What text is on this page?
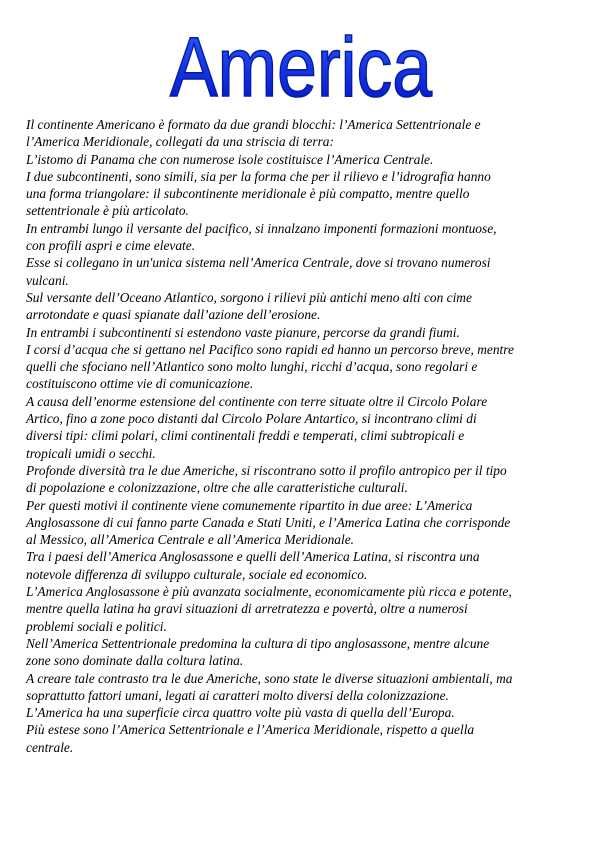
America
Il continente Americano è formato da due grandi blocchi: l’America Settentrionale e
l’America Meridionale, collegati da una striscia di terra:
L’istomo di Panama che con numerose isole costituisce l’America Centrale.
I due subcontinenti, sono simili, sia per la forma che per il rilievo e l’idrografia hanno
una forma triangolare: il subcontinente meridionale è più compatto, mentre quello
settentrionale è più articolato.
In entrambi lungo il versante del pacifico, si innalzano imponenti formazioni montuose,
con profili aspri e cime elevate.
Esse si collegano in un'unica sistema nell’America Centrale, dove si trovano numerosi
vulcani.
Sul versante dell’Oceano Atlantico, sorgono i rilievi più antichi meno alti con cime
arrotondate e quasi spianate dall’azione dell’erosione.
In entrambi i subcontinenti si estendono vaste pianure, percorse da grandi fiumi.
I corsi d’acqua che si gettano nel Pacifico sono rapidi ed hanno un percorso breve, mentre
quelli che sfociano nell’Atlantico sono molto lunghi, ricchi d’acqua, sono regolari e
costituiscono ottime vie di comunicazione.
A causa dell’enorme estensione del continente con terre situate oltre il Circolo Polare
Artico, fino a zone poco distanti dal Circolo Polare Antartico, si incontrano climi di
diversi tipi: climi polari, climi continentali freddi e temperati, climi subtropicali e
tropicali umidi o secchi.
Profonde diversità tra le due Americhe, si riscontrano sotto il profilo antropico per il tipo
di popolazione e colonizzazione, oltre che alle caratteristiche culturali.
Per questi motivi il continente viene comunemente ripartito in due aree: L’America
Anglosassone di cui fanno parte Canada e Stati Uniti, e l’America Latina che corrisponde
al Messico, all’America Centrale e all’America Meridionale.
Tra i paesi dell’America Anglosassone e quelli dell’America Latina, si riscontra una
notevole differenza di sviluppo culturale, sociale ed economico.
L’America Anglosassone è più avanzata socialmente, economicamente più ricca e potente,
mentre quella latina ha gravi situazioni di arretratezza e povertà, oltre a numerosi
problemi sociali e politici.
Nell’America Settentrionale predomina la cultura di tipo anglosassone, mentre alcune
zone sono dominate dalla coltura latina.
A creare tale contrasto tra le due Americhe, sono state le diverse situazioni ambientali, ma
soprattutto fattori umani, legati ai caratteri molto diversi della colonizzazione.
L’America ha una superficie circa quattro volte più vasta di quella dell’Europa.
Più estese sono l’America Settentrionale e l’America Meridionale, rispetto a quella
centrale.
